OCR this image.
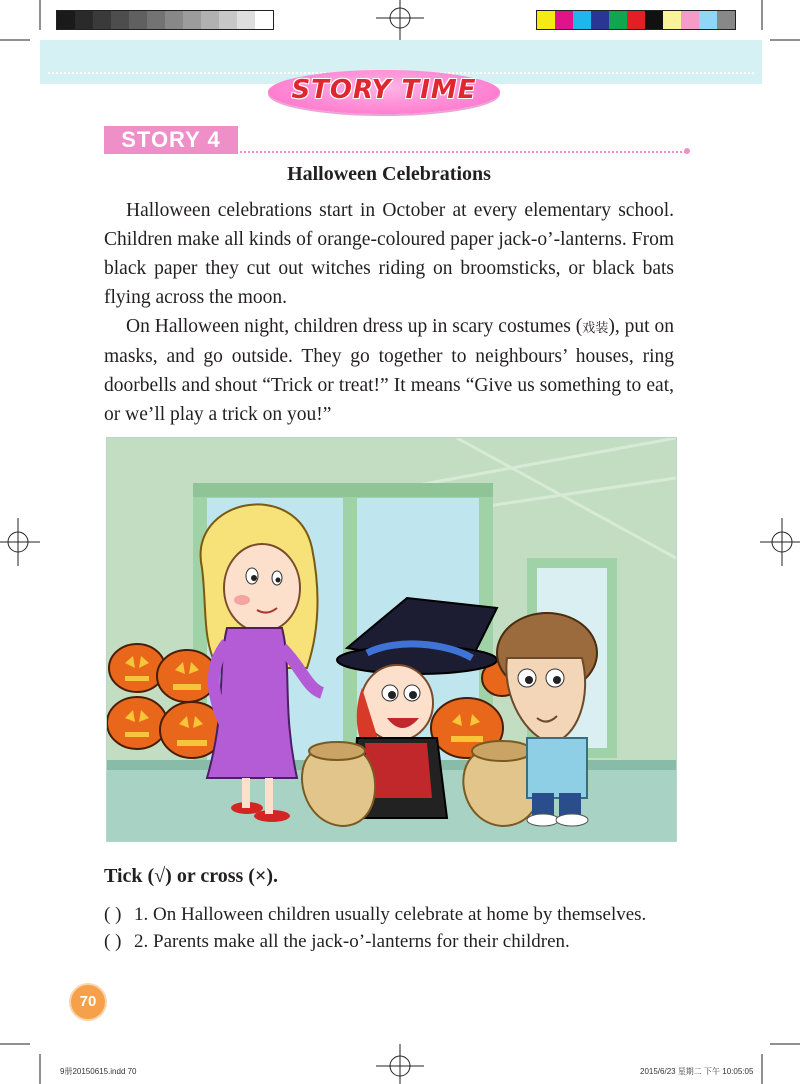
STORY TIME
STORY 4
Halloween Celebrations
Halloween celebrations start in October at every elementary school. Children make all kinds of orange-coloured paper jack-o’-lanterns. From black paper they cut out witches riding on broomsticks, or black bats flying across the moon.
On Halloween night, children dress up in scary costumes (戏装), put on masks, and go outside. They go together to neighbours’ houses, ring doorbells and shout “Trick or treat!” It means “Give us something to eat, or we’ll play a trick on you!”
Tick (√) or cross (×).
( ) 1. On Halloween children usually celebrate at home by themselves.
( ) 2. Parents make all the jack-o’-lanterns for their children.
70
9册20150615.indd 70	2015/6/23 星期二 下午 10:05:05
